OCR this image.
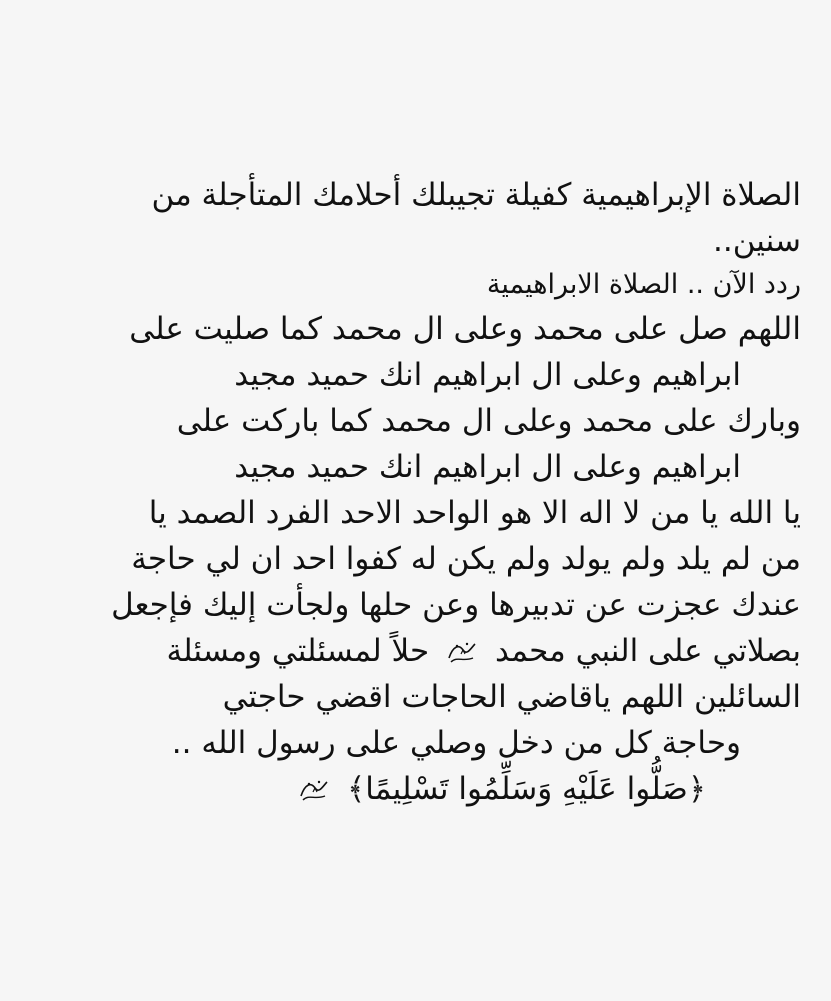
الصلاة الإبراهيمية كفيلة تجيبلك أحلامك المتأجلة من
سنين..
ردد الآن .. الصلاة الابراهيمية
اللهم صل على محمد وعلى ال محمد كما صليت على
ابراهيم وعلى ال ابراهيم انك حميد مجيد
وبارك على محمد وعلى ال محمد كما باركت على
ابراهيم وعلى ال ابراهيم انك حميد مجيد
يا الله يا من لا اله الا هو الواحد الاحد الفرد الصمد يا
من لم يلد ولم يولد ولم يكن له كفوا احد ان لي حاجة
عندك عجزت عن تدبيرها وعن حلها ولجأت إليك فإجعل
بصلاتي على النبي محمد
حلاً لمسئلتي ومسئلة
السائلين اللهم ياقاضي الحاجات اقضي حاجتي
وحاجة كل من دخل وصلي على رسول الله ..
﴿صَلُّوا عَلَيْهِ وَسَلِّمُوا تَسْلِيمًا﴾
